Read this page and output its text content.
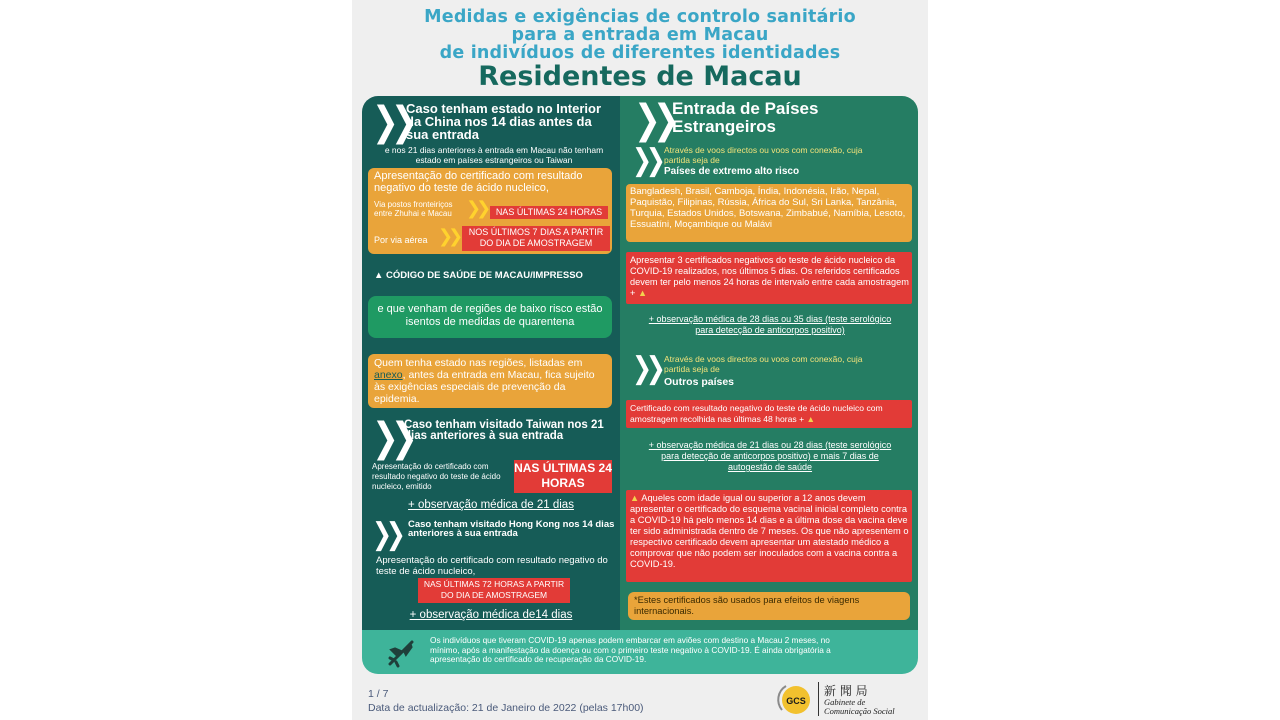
Medidas e exigências de controlo sanitário
para a entrada em Macau
de indivíduos de diferentes identidades
Residentes de Macau
❯❯
Caso tenham estado no Interior da China nos 14 dias antes da sua entrada
e nos 21 dias anteriores à entrada em Macau não tenham estado em países estrangeiros ou Taiwan
Apresentação do certificado com resultado negativo do teste de ácido nucleico,
Via postos fronteiriços entre Zhuhai e Macau ❯❯	NAS ÚLTIMAS 24 HORAS
Por via aérea ❯❯	NOS ÚLTIMOS 7 DIAS A PARTIR DO DIA DE AMOSTRAGEM
▲ CÓDIGO DE SAÚDE DE MACAU/IMPRESSO
e que venham de regiões de baixo risco estão isentos de medidas de quarentena
Quem tenha estado nas regiões, listadas em anexo, antes da entrada em Macau, fica sujeito às exigências especiais de prevenção da epidemia.
❯❯
Caso tenham visitado Taiwan nos 21 dias anteriores à sua entrada
Apresentação do certificado com resultado negativo do teste de ácido nucleico, emitido
NAS ÚLTIMAS 24 HORAS
+ observação médica de 21 dias
❯❯ Caso tenham visitado Hong Kong nos 14 dias anteriores à sua entrada
Apresentação do certificado com resultado negativo do teste de ácido nucleico,
NAS ÚLTIMAS 72 HORAS A PARTIR DO DIA DE AMOSTRAGEM
+ observação médica de14 dias
❯❯ Entrada de Países Estrangeiros
❯❯ Através de voos directos ou voos com conexão, cuja partida seja de
Países de extremo alto risco
Bangladesh, Brasil, Camboja, Índia, Indonésia, Irão, Nepal, Paquistão, Filipinas, Rússia, África do Sul, Sri Lanka, Tanzânia, Turquia, Estados Unidos, Botswana, Zimbabué, Namíbia, Lesoto, Essuatíni, Moçambique ou Malávi
Apresentar 3 certificados negativos do teste de ácido nucleico da COVID-19 realizados, nos últimos 5 dias. Os referidos certificados devem ter pelo menos 24 horas de intervalo entre cada amostragem + ▲
+ observação médica de 28 dias ou 35 dias (teste serológico para detecção de anticorpos positivo)
❯❯ Através de voos directos ou voos com conexão, cuja partida seja de
Outros países
Certificado com resultado negativo do teste de ácido nucleico com amostragem recolhida nas últimas 48 horas + ▲
+ observação médica de 21 dias ou 28 dias (teste serológico para detecção de anticorpos positivo) e mais 7 dias de autogestão de saúde
▲ Aqueles com idade igual ou superior a 12 anos devem apresentar o certificado do esquema vacinal inicial completo contra a COVID-19 há pelo menos 14 dias e a última dose da vacina deve ter sido administrada dentro de 7 meses. Os que não apresentem o respectivo certificado devem apresentar um atestado médico a comprovar que não podem ser inoculados com a vacina contra a COVID-19.
*Estes certificados são usados para efeitos de viagens internacionais.
Os indivíduos que tiveram COVID-19 apenas podem embarcar em aviões com destino a Macau 2 meses, no mínimo, após a manifestação da doença ou com o primeiro teste negativo à COVID-19. É ainda obrigatória a apresentação do certificado de recuperação da COVID-19.
1 / 7
Data de actualização: 21 de Janeiro de 2022 (pelas 17h00)
GCS
新 聞 局
Gabinete de
Comunicação Social
